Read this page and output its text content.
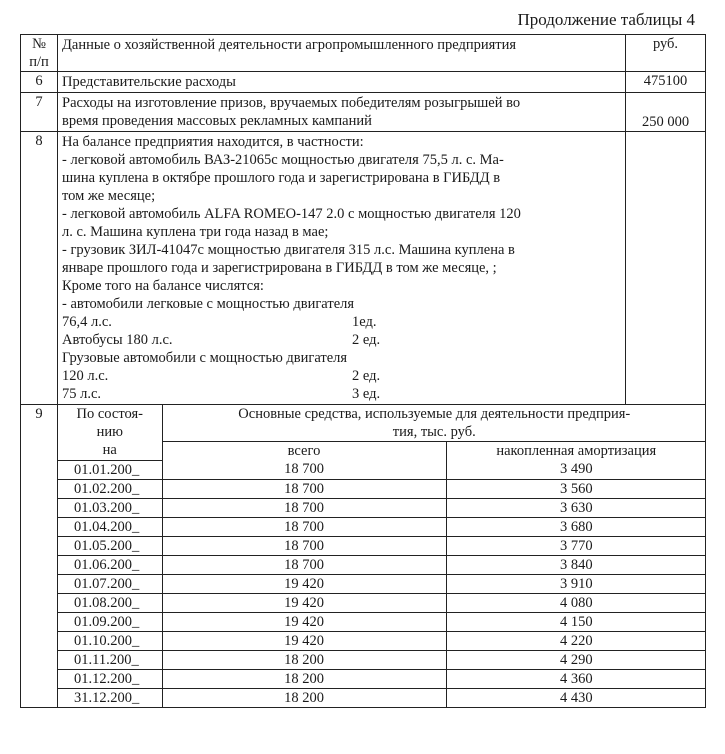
Продолжение таблицы 4
№
п/п
	Данные о хозяйственной деятельности агропромышленного предприятия	руб.
6	Представительские расходы	475100
7	Расходы на изготовление призов, вручаемых победителям розыгрышей во
время проведения массовых рекламных кампаний	250 000
8	На балансе предприятия находится, в частности:
- легковой автомобиль ВАЗ-21065с мощностью двигателя 75,5 л. с. Ма-
шина куплена в октябре прошлого года и зарегистрирована в ГИБДД в
том же месяце;
- легковой автомобиль ALFA ROMEO-147 2.0 с мощностью двигателя 120
л. с. Машина куплена три года назад в мае;
- грузовик ЗИЛ-41047с мощностью двигателя 315 л.с. Машина куплена в
январе прошлого года и зарегистрирована в ГИБДД в том же месяце, ;
Кроме того на балансе числятся:
- автомобили легковые с мощностью двигателя
76,4 л.с.	1ед.
Автобусы 180 л.с.	2 ед.
Грузовые автомобили с мощностью двигателя
120 л.с.	2 ед.
75 л.с.	3 ед.

9		По состоя-
нию
на

Основные средства, используемые для деятельности предприя-
тия, тыс. руб.

всего	накопленная амортизация
01.01.200_	18 700	3 490
01.02.200_	18 700	3 560
01.03.200_	18 700	3 630
01.04.200_	18 700	3 680
01.05.200_	18 700	3 770
01.06.200_	18 700	3 840
01.07.200_	19 420	3 910
01.08.200_	19 420	4 080
01.09.200_	19 420	4 150
01.10.200_	19 420	4 220
01.11.200_	18 200	4 290
01.12.200_	18 200	4 360
31.12.200_	18 200	4 430
